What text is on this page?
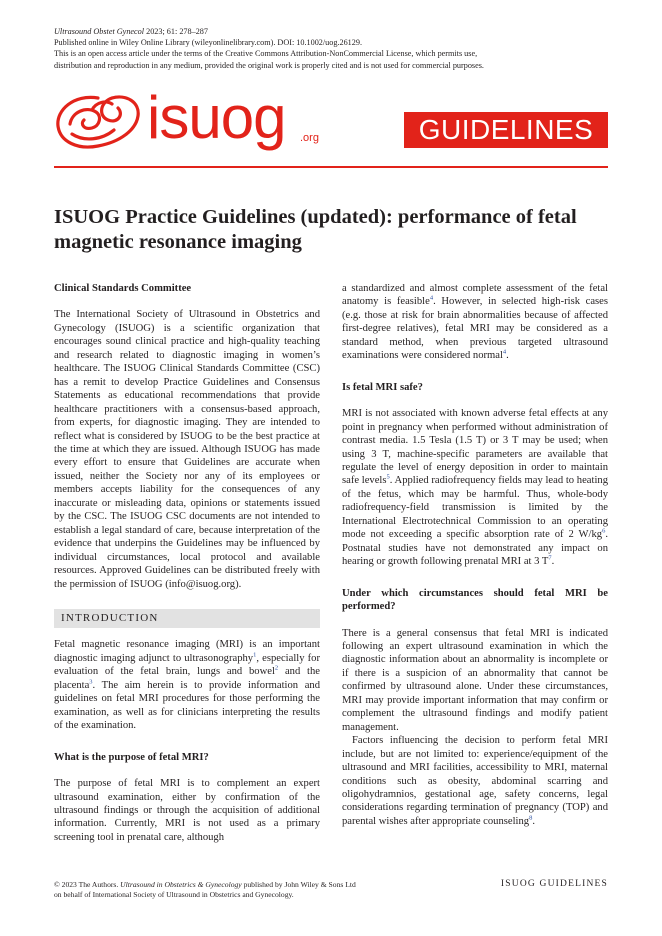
Ultrasound Obstet Gynecol 2023; 61: 278–287
Published online in Wiley Online Library (wileyonlinelibrary.com). DOI: 10.1002/uog.26129.
This is an open access article under the terms of the Creative Commons Attribution-NonCommercial License, which permits use,
distribution and reproduction in any medium, provided the original work is properly cited and is not used for commercial purposes.
isuog .org	GUIDELINES
ISUOG Practice Guidelines (updated): performance of fetal magnetic resonance imaging

Clinical Standards Committee

The International Society of Ultrasound in Obstetrics and Gynecology (ISUOG) is a scientific organization that encourages sound clinical practice and high-quality teaching and research related to diagnostic imaging in women’s healthcare. The ISUOG Clinical Standards Committee (CSC) has a remit to develop Practice Guidelines and Consensus Statements as educational recommendations that provide healthcare practitioners with a consensus-based approach, from experts, for diagnostic imaging. They are intended to reflect what is considered by ISUOG to be the best practice at the time at which they are issued. Although ISUOG has made every effort to ensure that Guidelines are accurate when issued, neither the Society nor any of its employees or members accepts liability for the consequences of any inaccurate or misleading data, opinions or statements issued by the CSC. The ISUOG CSC documents are not intended to establish a legal standard of care, because interpretation of the evidence that underpins the Guidelines may be influenced by individual circumstances, local protocol and available resources. Approved Guidelines can be distributed freely with the permission of ISUOG (info@isuog.org).

INTRODUCTION

Fetal magnetic resonance imaging (MRI) is an important diagnostic imaging adjunct to ultrasonography$^1$, especially for evaluation of the fetal brain, lungs and bowel$^2$ and the placenta$^3$. The aim herein is to provide information and guidelines on fetal MRI procedures for those performing the examination, as well as for clinicians interpreting the results of the examination.

What is the purpose of fetal MRI?

The purpose of fetal MRI is to complement an expert ultrasound examination, either by confirmation of the ultrasound findings or through the acquisition of additional information. Currently, MRI is not used as a primary screening tool in prenatal care, although

a standardized and almost complete assessment of the fetal anatomy is feasible$^4$. However, in selected high-risk cases (e.g. those at risk for brain abnormalities because of affected first-degree relatives), fetal MRI may be considered as a standard method, when previous targeted ultrasound examinations were considered normal$^4$.

Is fetal MRI safe?

MRI is not associated with known adverse fetal effects at any point in pregnancy when performed without administration of contrast media. 1.5 Tesla (1.5 T) or 3 T may be used; when using 3 T, machine-specific parameters are available that regulate the level of energy deposition in order to maintain safe levels$^5$. Applied radiofrequency fields may lead to heating of the fetus, which may be harmful. Thus, whole-body radiofrequency-field transmission is limited by the International Electrotechnical Commission to an operating mode not exceeding a specific absorption rate of 2 $W/kg^6$. Postnatal studies have not demonstrated any impact on hearing or growth following prenatal MRI at 3 $T^7$.

Under which circumstances should fetal MRI be performed?

There is a general consensus that fetal MRI is indicated following an expert ultrasound examination in which the diagnostic information about an abnormality is incomplete or if there is a suspicion of an abnormality that cannot be confirmed by ultrasound alone. Under these circumstances, MRI may provide important information that may confirm or complement the ultrasound findings and modify patient management.

Factors influencing the decision to perform fetal MRI include, but are not limited to: experience/equipment of the ultrasound and MRI facilities, accessibility to MRI, maternal conditions such as obesity, abdominal scarring and oligohydramnios, gestational age, safety concerns, legal considerations regarding termination of pregnancy (TOP) and parental wishes after appropriate counseling$^8$.

© 2023 The Authors. Ultrasound in Obstetrics & Gynecology published by John Wiley & Sons Ltd
on behalf of International Society of Ultrasound in Obstetrics and Gynecology.
ISUOG GUIDELINES
